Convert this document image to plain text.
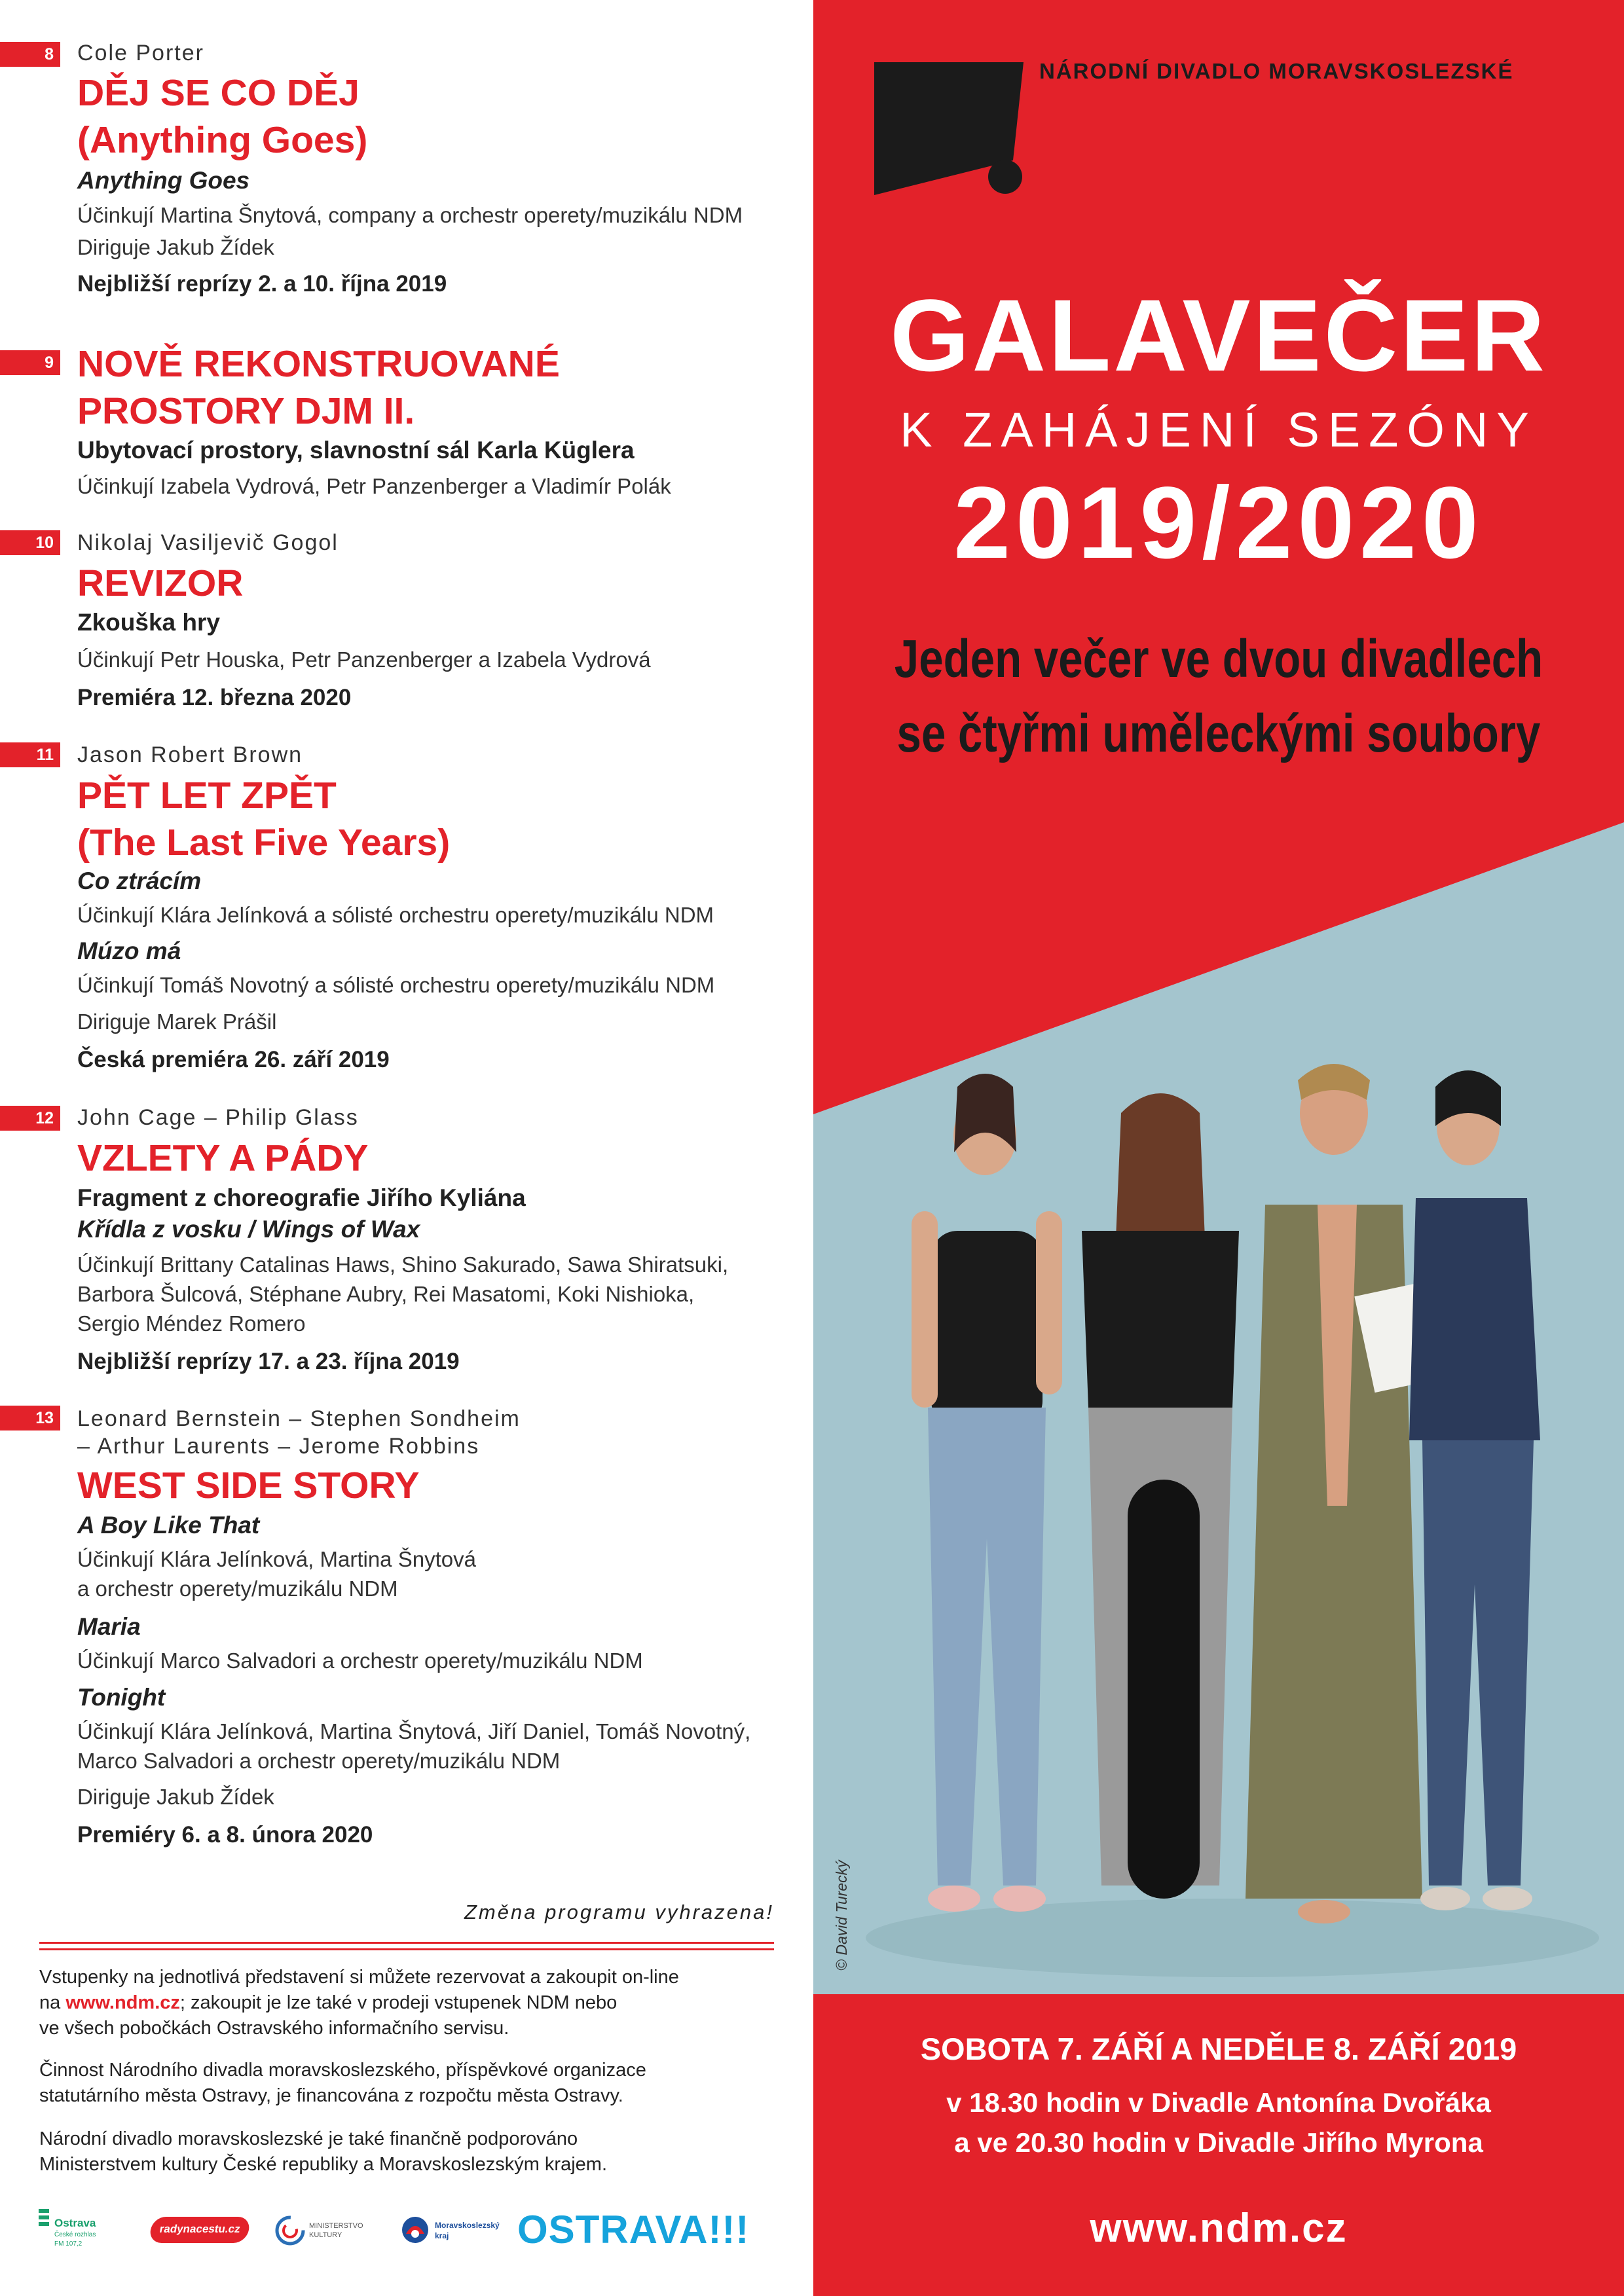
8 Cole Porter
DĚJ SE CO DĚJ
(Anything Goes)
Anything Goes
Účinkují Martina Šnytová, company a orchestr operety/muzikálu NDM
Diriguje Jakub Žídek
Nejbližší reprízy 2. a 10. října 2019
9 NOVĚ REKONSTRUOVANÉ
PROSTORY DJM II.
Ubytovací prostory, slavnostní sál Karla Küglera
Účinkují Izabela Vydrová, Petr Panzenberger a Vladimír Polák
10 Nikolaj Vasiljevič Gogol
REVIZOR
Zkouška hry
Účinkují Petr Houska, Petr Panzenberger a Izabela Vydrová
Premiéra 12. března 2020
11 Jason Robert Brown
PĚT LET ZPĚT
(The Last Five Years)
Co ztrácím
Účinkují Klára Jelínková a sólisté orchestru operety/muzikálu NDM
Múzo má
Účinkují Tomáš Novotný a sólisté orchestru operety/muzikálu NDM
Diriguje Marek Prášil
Česká premiéra 26. září 2019
12 John Cage – Philip Glass
VZLETY A PÁDY
Fragment z choreografie Jiřího Kyliána
Křídla z vosku / Wings of Wax
Účinkují Brittany Catalinas Haws, Shino Sakurado, Sawa Shiratsuki,
Barbora Šulcová, Stéphane Aubry, Rei Masatomi, Koki Nishioka,
Sergio Méndez Romero
Nejbližší reprízy 17. a 23. října 2019
13 Leonard Bernstein – Stephen Sondheim
– Arthur Laurents – Jerome Robbins
WEST SIDE STORY
A Boy Like That
Účinkují Klára Jelínková, Martina Šnytová
a orchestr operety/muzikálu NDM
Maria
Účinkují Marco Salvadori a orchestr operety/muzikálu NDM
Tonight
Účinkují Klára Jelínková, Martina Šnytová, Jiří Daniel, Tomáš Novotný,
Marco Salvadori a orchestr operety/muzikálu NDM
Diriguje Jakub Žídek
Premiéry 6. a 8. února 2020
Změna programu vyhrazena!
Vstupenky na jednotlivá představení si můžete rezervovat a zakoupit on-line
na www.ndm.cz; zakoupit je lze také v prodeji vstupenek NDM nebo
ve všech pobočkách Ostravského informačního servisu.
Činnost Národního divadla moravskoslezského, příspěvkové organizace
statutárního města Ostravy, je financována z rozpočtu města Ostravy.
Národní divadlo moravskoslezské je také finančně podporováno
Ministerstvem kultury České republiky a Moravskoslezským krajem.
Ostrava
České rozhlas
FM 107,2
radynacestu.cz	MINISTERSTVO
KULTURY
Moravskoslezský
kraj OSTRAVA!!!
NÁRODNÍ DIVADLO MORAVSKOSLEZSKÉ
GALAVEČER
K ZAHÁJENÍ SEZÓNY
2019/2020
Jeden večer ve dvou divadlech
se čtyřmi uměleckými soubory
© David Turecký
SOBOTA 7. ZÁŘÍ A NEDĚLE 8. ZÁŘÍ 2019
v 18.30 hodin v Divadle Antonína Dvořáka
a ve 20.30 hodin v Divadle Jiřího Myrona
www.ndm.cz
